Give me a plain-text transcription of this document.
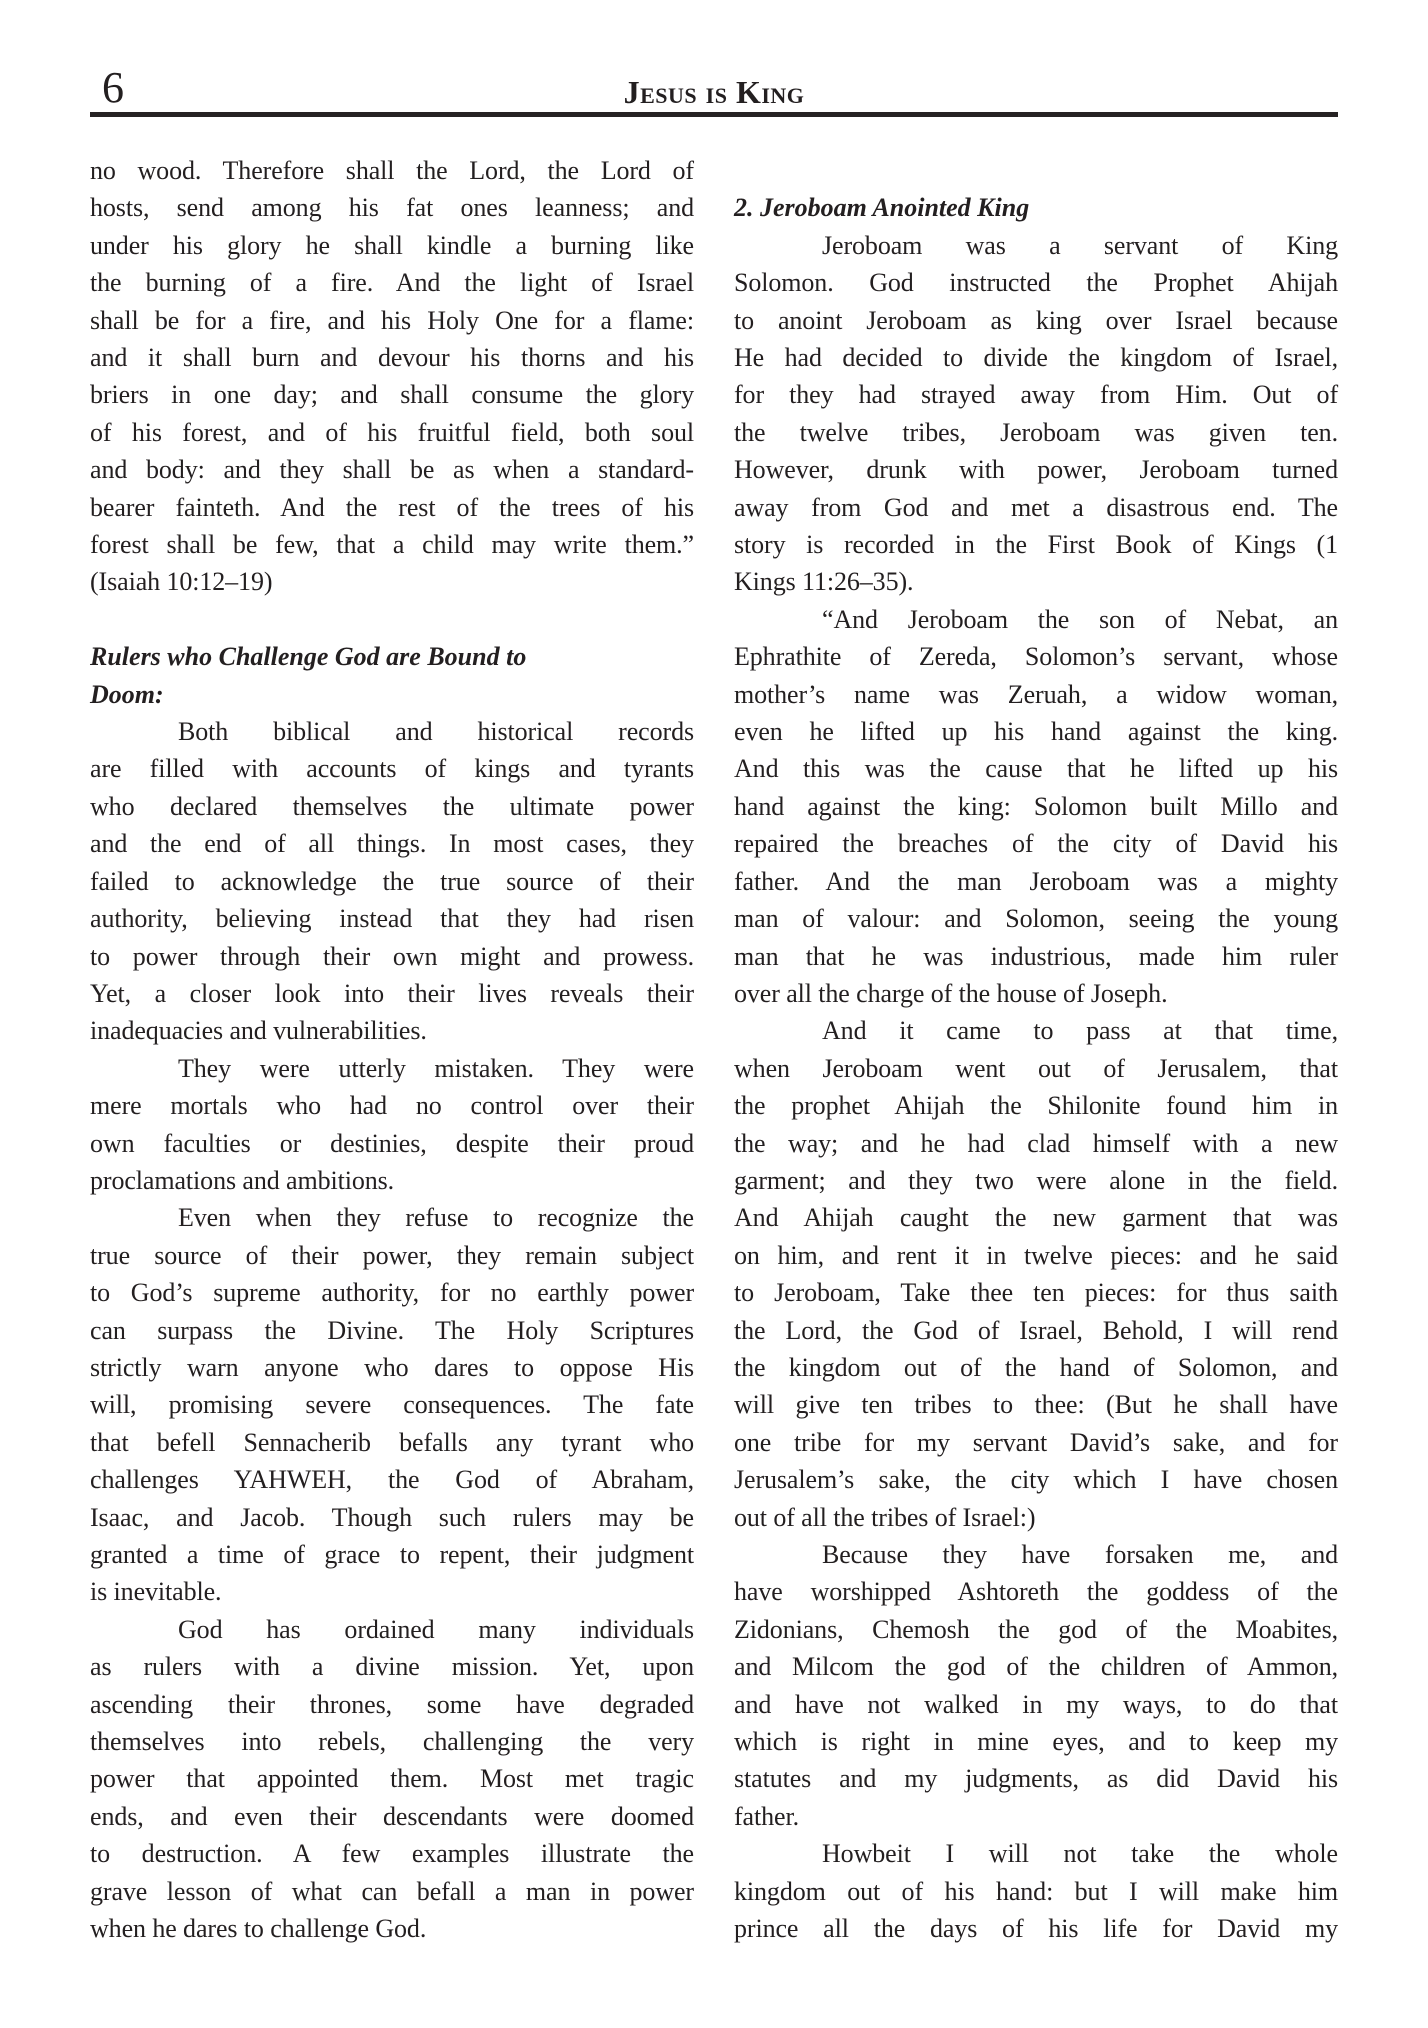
6	Jesus is King

no wood. Therefore shall the Lord, the Lord of
hosts, send among his fat ones leanness; and
under his glory he shall kindle a burning like
the burning of a fire. And the light of Israel
shall be for a fire, and his Holy One for a flame:
and it shall burn and devour his thorns and his
briers in one day; and shall consume the glory
of his forest, and of his fruitful field, both soul
and body: and they shall be as when a standard-
bearer fainteth. And the rest of the trees of his
forest shall be few, that a child may write them.”
(Isaiah 10:12–19)

Rulers who Challenge God are Bound to
Doom:

Both biblical and historical records
are filled with accounts of kings and tyrants
who declared themselves the ultimate power
and the end of all things. In most cases, they
failed to acknowledge the true source of their
authority, believing instead that they had risen
to power through their own might and prowess.
Yet, a closer look into their lives reveals their
inadequacies and vulnerabilities.

They were utterly mistaken. They were
mere mortals who had no control over their
own faculties or destinies, despite their proud
proclamations and ambitions.

Even when they refuse to recognize the
true source of their power, they remain subject
to God’s supreme authority, for no earthly power
can surpass the Divine. The Holy Scriptures
strictly warn anyone who dares to oppose His
will, promising severe consequences. The fate
that befell Sennacherib befalls any tyrant who
challenges YAHWEH, the God of Abraham,
Isaac, and Jacob. Though such rulers may be
granted a time of grace to repent, their judgment
is inevitable.

God has ordained many individuals
as rulers with a divine mission. Yet, upon
ascending their thrones, some have degraded
themselves into rebels, challenging the very
power that appointed them. Most met tragic
ends, and even their descendants were doomed
to destruction. A few examples illustrate the
grave lesson of what can befall a man in power
when he dares to challenge God.

2. Jeroboam Anointed King

Jeroboam was a servant of King
Solomon. God instructed the Prophet Ahijah
to anoint Jeroboam as king over Israel because
He had decided to divide the kingdom of Israel,
for they had strayed away from Him. Out of
the twelve tribes, Jeroboam was given ten.
However, drunk with power, Jeroboam turned
away from God and met a disastrous end. The
story is recorded in the First Book of Kings (1
Kings 11:26–35).

“And Jeroboam the son of Nebat, an
Ephrathite of Zereda, Solomon’s servant, whose
mother’s name was Zeruah, a widow woman,
even he lifted up his hand against the king.
And this was the cause that he lifted up his
hand against the king: Solomon built Millo and
repaired the breaches of the city of David his
father. And the man Jeroboam was a mighty
man of valour: and Solomon, seeing the young
man that he was industrious, made him ruler
over all the charge of the house of Joseph.

And it came to pass at that time,
when Jeroboam went out of Jerusalem, that
the prophet Ahijah the Shilonite found him in
the way; and he had clad himself with a new
garment; and they two were alone in the field.
And Ahijah caught the new garment that was
on him, and rent it in twelve pieces: and he said
to Jeroboam, Take thee ten pieces: for thus saith
the Lord, the God of Israel, Behold, I will rend
the kingdom out of the hand of Solomon, and
will give ten tribes to thee: (But he shall have
one tribe for my servant David’s sake, and for
Jerusalem’s sake, the city which I have chosen
out of all the tribes of Israel:)

Because they have forsaken me, and
have worshipped Ashtoreth the goddess of the
Zidonians, Chemosh the god of the Moabites,
and Milcom the god of the children of Ammon,
and have not walked in my ways, to do that
which is right in mine eyes, and to keep my
statutes and my judgments, as did David his
father.

Howbeit I will not take the whole
kingdom out of his hand: but I will make him
prince all the days of his life for David my
